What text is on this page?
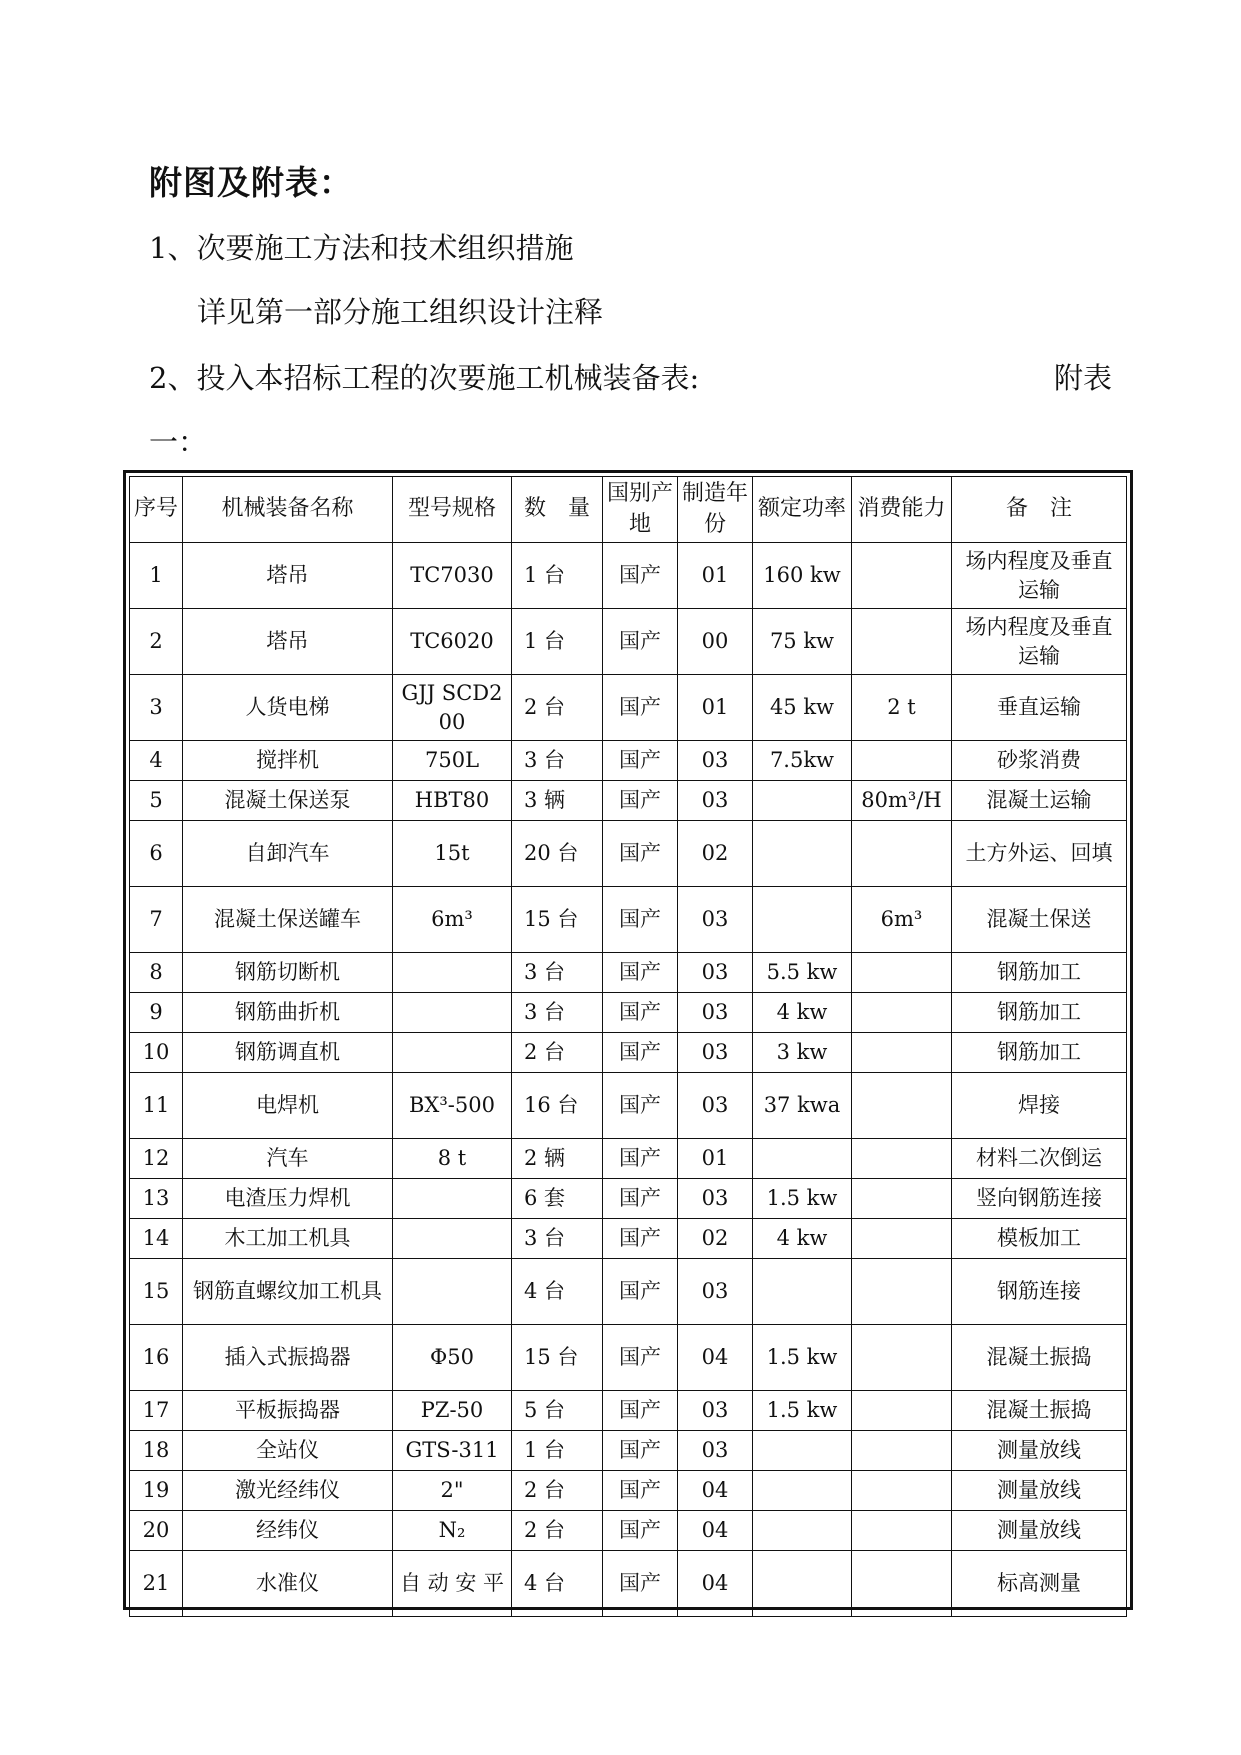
附图及附表：
1、次要施工方法和技术组织措施
详见第一部分施工组织设计注释
2、投入本招标工程的次要施工机械装备表:	附表
一：
序号	机械装备名称	型号规格	数　量	国别产地	制造年份	额定功率	消费能力	备　注
1	塔吊	TC7030	1 台	国产	01	160 kw		场内程度及垂直运输
2	塔吊	TC6020	1 台	国产	00	75 kw		场内程度及垂直运输
3	人货电梯	GJJ SCD200	2 台	国产	01	45 kw	2 t	垂直运输
4	搅拌机	750L	3 台	国产	03	7.5kw		砂浆消费
5	混凝土保送泵	HBT80	3 辆	国产	03		80m³/H	混凝土运输
6	自卸汽车	15t	20 台	国产	02			土方外运、回填
7	混凝土保送罐车	6m³	15 台	国产	03		6m³	混凝土保送
8	钢筋切断机		3 台	国产	03	5.5 kw		钢筋加工
9	钢筋曲折机		3 台	国产	03	4 kw		钢筋加工
10	钢筋调直机		2 台	国产	03	3 kw		钢筋加工
11	电焊机	BX³-500	16 台	国产	03	37 kwa		焊接
12	汽车	8 t	2 辆	国产	01			材料二次倒运
13	电渣压力焊机		6 套	国产	03	1.5 kw		竖向钢筋连接
14	木工加工机具		3 台	国产	02	4 kw		模板加工
15	钢筋直螺纹加工机具		4 台	国产	03			钢筋连接
16	插入式振捣器	Φ50	15 台	国产	04	1.5 kw		混凝土振捣
17	平板振捣器	PZ-50	5 台	国产	03	1.5 kw		混凝土振捣
18	全站仪	GTS-311	1 台	国产	03			测量放线
19	激光经纬仪	2"	2 台	国产	04			测量放线
20	经纬仪	N₂	2 台	国产	04			测量放线
21	水准仪	自 动 安 平	4 台	国产	04			标高测量
